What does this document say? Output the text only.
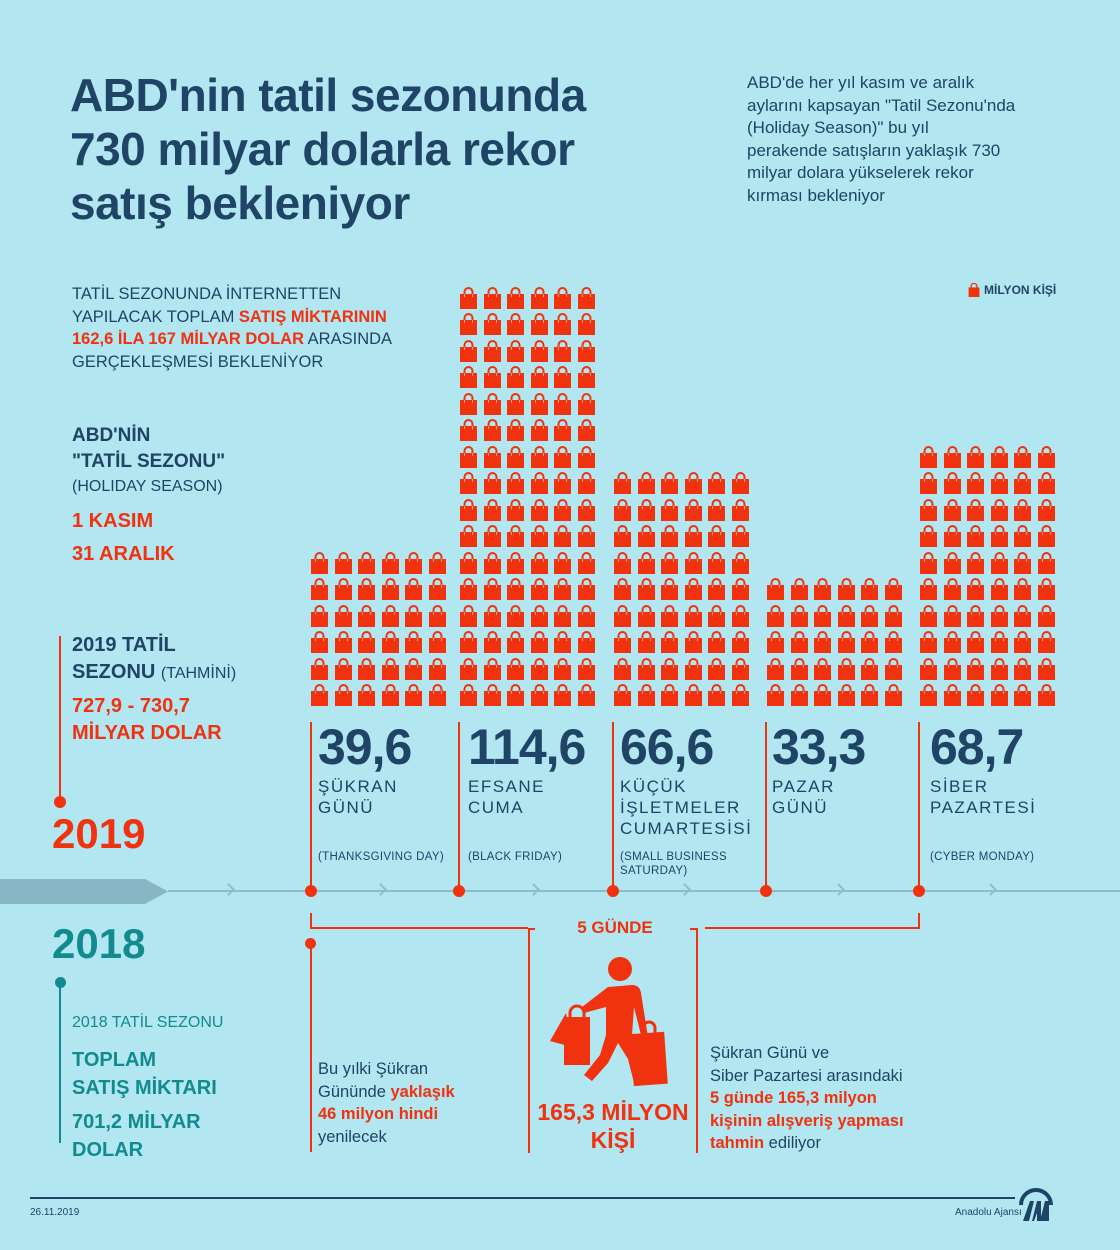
ABD'nin tatil sezonunda
730 milyar dolarla rekor
satış bekleniyor
ABD'de her yıl kasım ve aralık
aylarını kapsayan "Tatil Sezonu'nda
(Holiday Season)" bu yıl
perakende satışların yaklaşık 730
milyar dolara yükselerek rekor
kırması bekleniyor
TATİL SEZONUNDA İNTERNETTEN
YAPILACAK TOPLAM SATIŞ MİKTARININ
162,6 İLA 167 MİLYAR DOLAR ARASINDA
GERÇEKLEŞMESİ BEKLENİYOR
ABD'NİN
"TATİL SEZONU"
(HOLIDAY SEASON)
1 KASIM
31 ARALIK
2019 TATİL
SEZONU (TAHMİNİ)
727,9 - 730,7
MİLYAR DOLAR
2019
2018
2018 TATİL SEZONU
TOPLAM
SATIŞ MİKTARI
701,2 MİLYAR
DOLAR
MİLYON KİŞİ
39,6
ŞÜKRAN
GÜNÜ
(THANKSGIVING DAY)
114,6
EFSANE
CUMA
(BLACK FRIDAY)
66,6
KÜÇÜK
İŞLETMELER
CUMARTESİSİ
(SMALL BUSINESS
SATURDAY)
33,3
PAZAR
GÜNÜ
68,7
SİBER
PAZARTESİ
(CYBER MONDAY)
5 GÜNDE
165,3 MİLYON
KİŞİ
Bu yılki Şükran
Gününde yaklaşık
46 milyon hindi
yenilecek
Şükran Günü ve
Siber Pazartesi arasındaki
5 günde 165,3 milyon
kişinin alışveriş yapması
tahmin ediliyor
26.11.2019	Anadolu Ajansı
